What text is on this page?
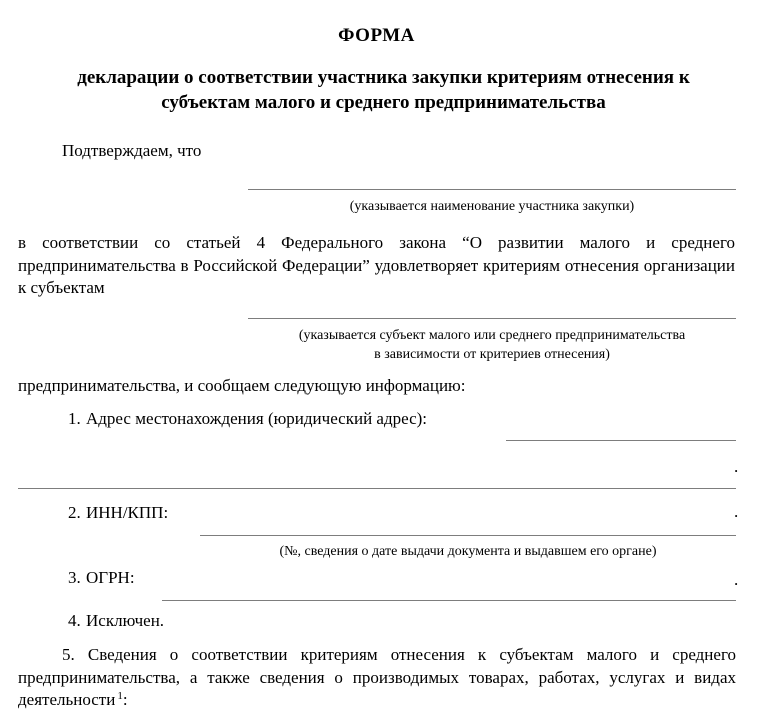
ФОРМА
декларации о соответствии участника закупки критериям отнесения к субъектам малого и среднего предпринимательства

Подтверждаем, что

(указывается наименование участника закупки)

в соответствии со статьей 4 Федерального закона “О развитии малого и среднего предпринимательства в Российской Федерации” удовлетворяет критериям отнесения организации к субъектам

(указывается субъект малого или среднего предпринимательства
в зависимости от критериев отнесения)
предпринимательства, и сообщаем следующую информацию:
1. Адрес местонахождения (юридический адрес):
.
2. ИНН/КПП:	.
(№, сведения о дате выдачи документа и выдавшем его органе)
3. ОГРН:	.
4. Исключен.

5. Сведения о соответствии критериям отнесения к субъектам малого и среднего предпринимательства, а также сведения о производимых товарах, работах, услугах и видах деятельности $^1$:
